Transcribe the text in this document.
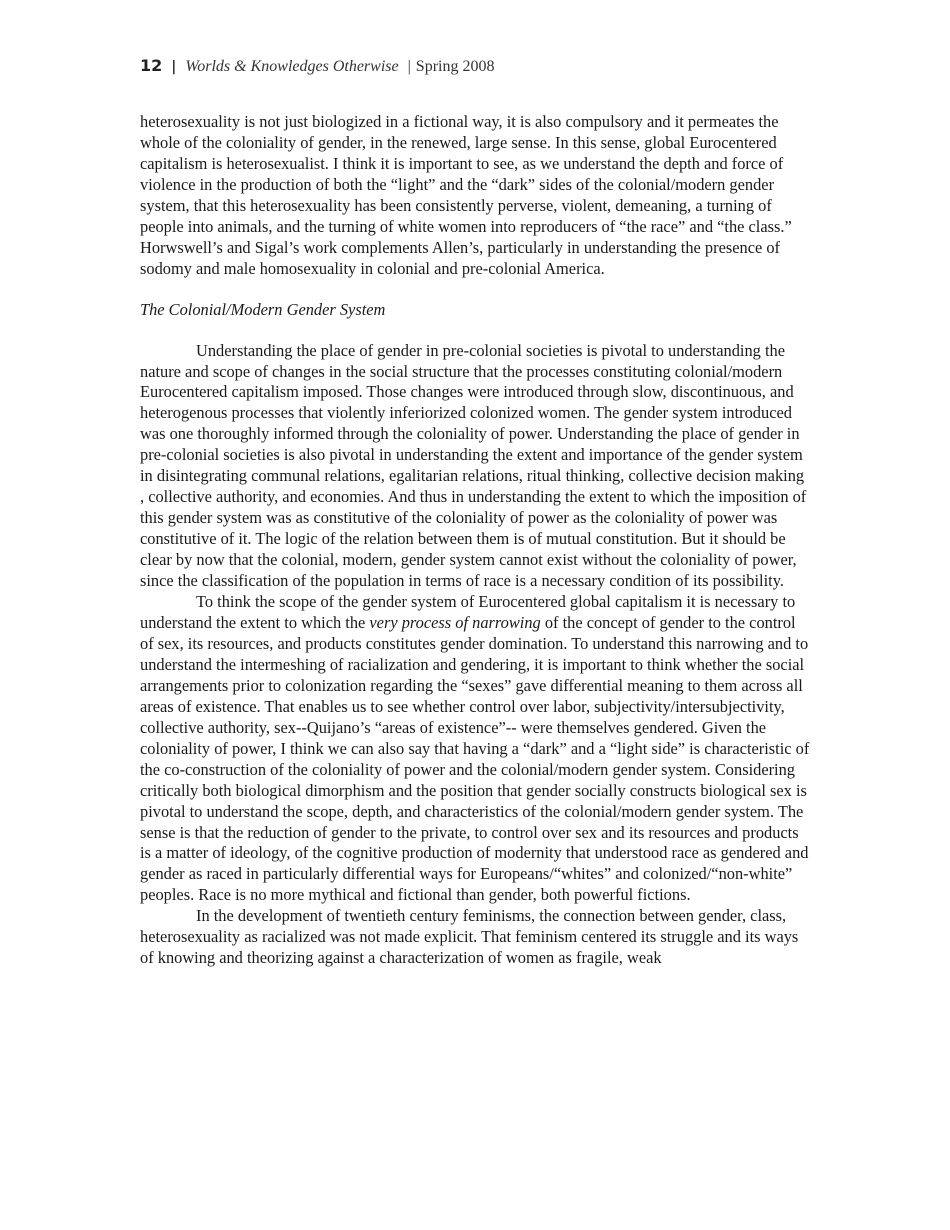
12 | Worlds & Knowledges Otherwise | Spring 2008

heterosexuality is not just biologized in a fictional way, it is also compulsory and it permeates the whole of the coloniality of gender, in the renewed, large sense. In this sense, global Eurocentered capitalism is heterosexualist. I think it is important to see, as we understand the depth and force of violence in the production of both the “light” and the “dark” sides of the colonial/modern gender system, that this heterosexuality has been consistently perverse, violent, demeaning, a turning of people into animals, and the turning of white women into reproducers of “the race” and “the class.” Horwswell’s and Sigal’s work complements Allen’s, particularly in understanding the presence of sodomy and male homosexuality in colonial and pre-colonial America.

The Colonial/Modern Gender System

Understanding the place of gender in pre-colonial societies is pivotal to understanding the nature and scope of changes in the social structure that the processes constituting colonial/modern Eurocentered capitalism imposed. Those changes were introduced through slow, discontinuous, and heterogenous processes that violently inferiorized colonized women. The gender system introduced was one thoroughly informed through the coloniality of power. Understanding the place of gender in pre-colonial societies is also pivotal in understanding the extent and importance of the gender system in disintegrating communal relations, egalitarian relations, ritual thinking, collective decision making , collective authority, and economies. And thus in understanding the extent to which the imposition of this gender system was as constitutive of the coloniality of power as the coloniality of power was constitutive of it. The logic of the relation between them is of mutual constitution. But it should be clear by now that the colonial, modern, gender system cannot exist without the coloniality of power, since the classification of the population in terms of race is a necessary condition of its possibility.

To think the scope of the gender system of Eurocentered global capitalism it is necessary to understand the extent to which the very process of narrowing of the concept of gender to the control of sex, its resources, and products constitutes gender domination. To understand this narrowing and to understand the intermeshing of racialization and gendering, it is important to think whether the social arrangements prior to colonization regarding the “sexes” gave differential meaning to them across all areas of existence. That enables us to see whether control over labor, subjectivity/intersubjectivity, collective authority, sex--Quijano’s “areas of existence”-- were themselves gendered. Given the coloniality of power, I think we can also say that having a “dark” and a “light side” is characteristic of the co-construction of the coloniality of power and the colonial/modern gender system. Considering critically both biological dimorphism and the position that gender socially constructs biological sex is pivotal to understand the scope, depth, and characteristics of the colonial/modern gender system. The sense is that the reduction of gender to the private, to control over sex and its resources and products is a matter of ideology, of the cognitive production of modernity that understood race as gendered and gender as raced in particularly differential ways for Europeans/“whites” and colonized/“non-white” peoples. Race is no more mythical and fictional than gender, both powerful fictions.

In the development of twentieth century feminisms, the connection between gender, class, heterosexuality as racialized was not made explicit. That feminism centered its struggle and its ways of knowing and theorizing against a characterization of women as fragile, weak
